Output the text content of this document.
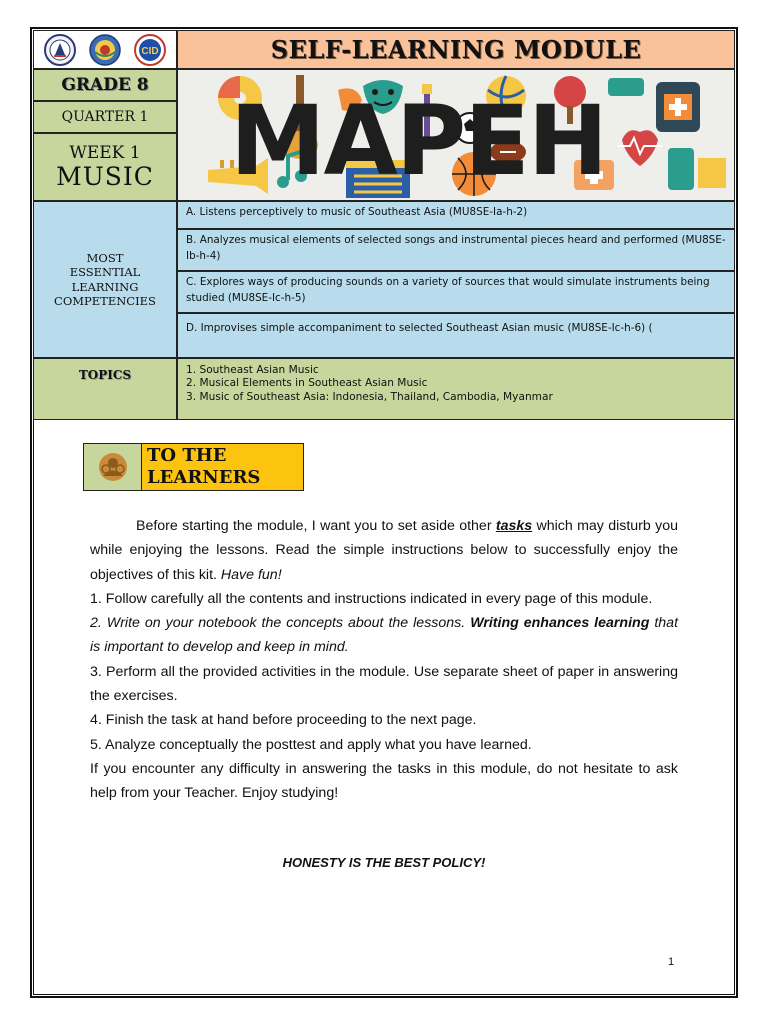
CID	SELF-LEARNING MODULE
GRADE 8
QUARTER 1
WEEK 1
MUSIC MAPEH
MOST
ESSENTIAL
LEARNING
COMPETENCIES
A. Listens perceptively to music of Southeast Asia (MU8SE-Ia-h-2)
B. Analyzes musical elements of selected songs and instrumental pieces heard and performed (MU8SE-Ib-h-4)
C. Explores ways of producing sounds on a variety of sources that would simulate instruments being studied (MU8SE-Ic-h-5)
D. Improvises simple accompaniment to selected Southeast Asian music (MU8SE-Ic-h-6) (
TOPICS	1. Southeast Asian Music
2. Musical Elements in Southeast Asian Music
3. Music of Southeast Asia: Indonesia, Thailand, Cambodia, Myanmar
TO THE
LEARNERS

Before starting the module, I want you to set aside other tasks which may disturb you while enjoying the lessons. Read the simple instructions below to successfully enjoy the objectives of this kit. Have fun!

1. Follow carefully all the contents and instructions indicated in every page of this module.

2. Write on your notebook the concepts about the lessons. Writing enhances learning that is important to develop and keep in mind.

3. Perform all the provided activities in the module. Use separate sheet of paper in answering the exercises.

4. Finish the task at hand before proceeding to the next page.

5. Analyze conceptually the posttest and apply what you have learned.

If you encounter any difficulty in answering the tasks in this module, do not hesitate to ask help from your Teacher. Enjoy studying!

HONESTY IS THE BEST POLICY!
1
